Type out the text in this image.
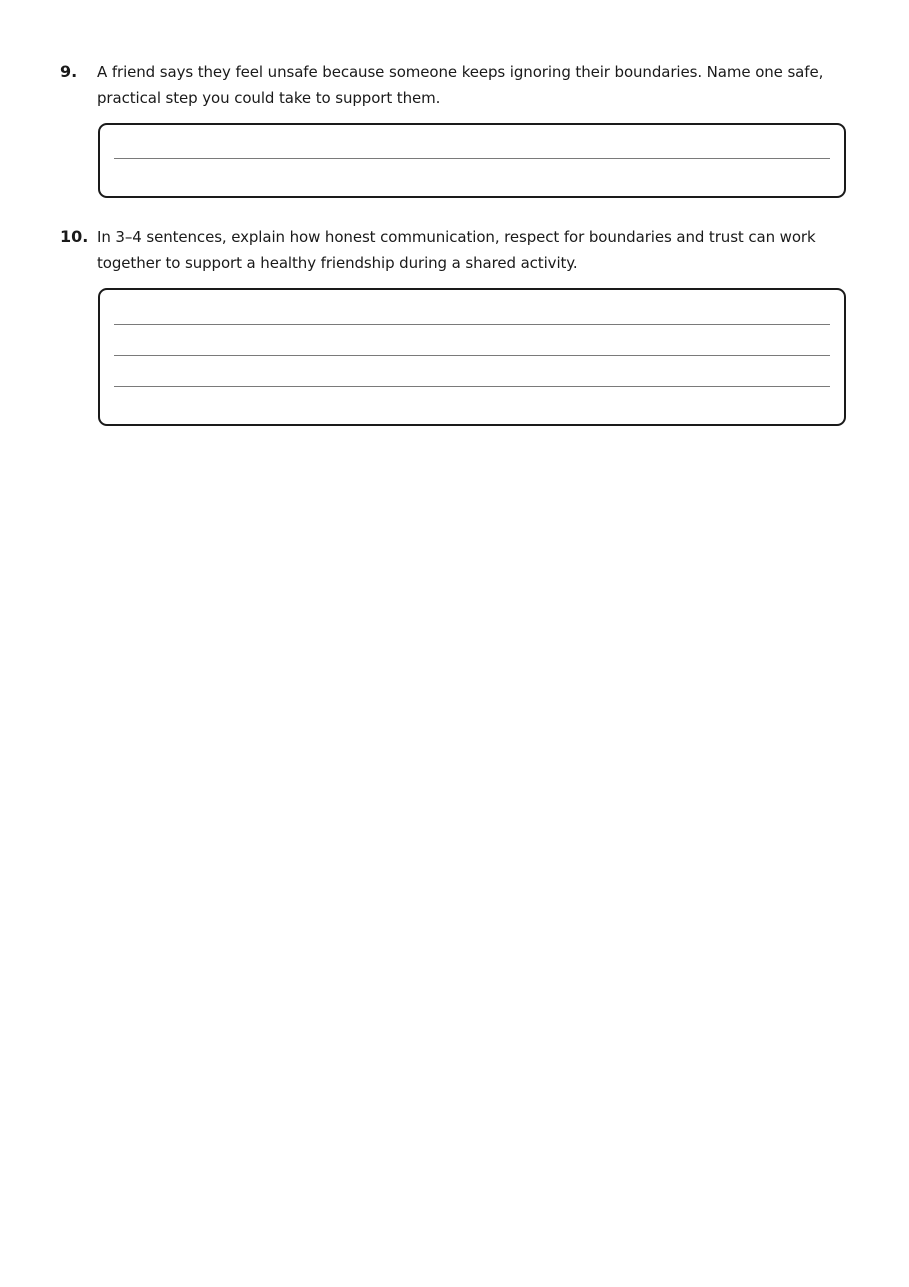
9.	A friend says they feel unsafe because someone keeps ignoring their boundaries. Name one safe, practical step you could take to support them.
10. In 3–4 sentences, explain how honest communication, respect for boundaries and trust can work together to support a healthy friendship during a shared activity.
